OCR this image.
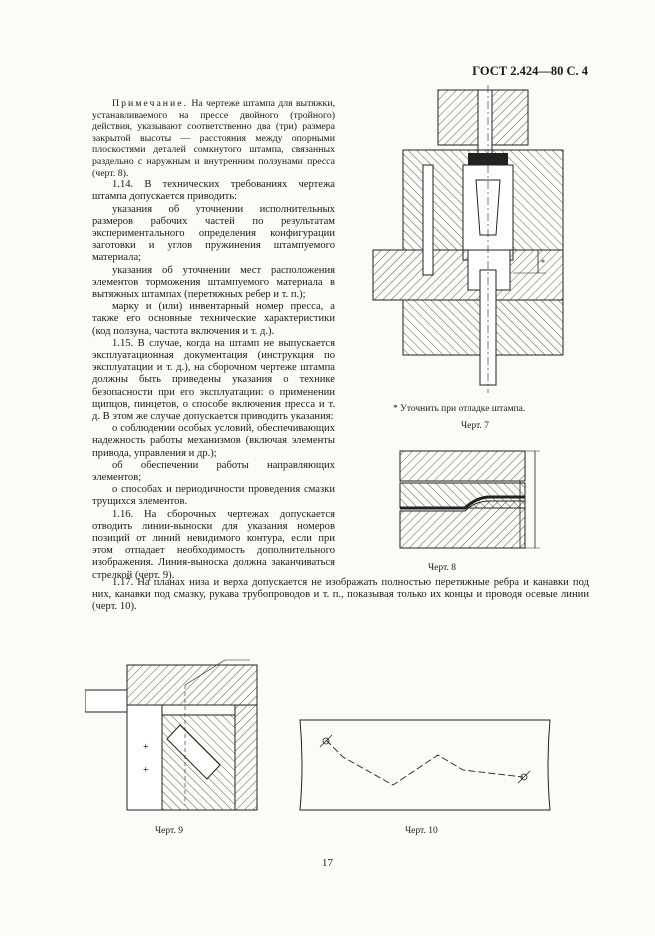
ГОСТ 2.424—80 С. 4

Примечание. На чертеже штампа для вытяжки, устанавливаемого на прессе двойного (тройного) действия, указывают соответственно два (три) размера закрытой высоты — расстояния между опорными плоскостями деталей сомкнутого штампа, связанных раздельно с наружным и внутренним ползунами пресса (черт. 8).

1.14. В технических требованиях чертежа штампа допускается приводить:

указания об уточнении исполнительных размеров рабочих частей по результатам экспериментального определения конфигурации заготовки и углов пружинения штампуемого материала;

указания об уточнении мест расположения элементов торможения штампуемого материала в вытяжных штампах (перетяжных ребер и т. п.);

марку и (или) инвентарный номер пресса, а также его основные технические характеристики (код ползуна, частота включения и т. д.).

1.15. В случае, когда на штамп не выпускается эксплуатационная документация (инструкция по эксплуатации и т. д.), на сборочном чертеже штампа должны быть приведены указания о технике безопасности при его эксплуатации: о применении щипцов, пинцетов, о способе включения пресса и т. д. В этом же случае допускается приводить указания:

о соблюдении особых условий, обеспечивающих надежность работы механизмов (включая элементы привода, управления и др.);

об обеспечении работы направляющих элементов;

о способах и периодичности проведения смазки трущихся элементов.

1.16. На сборочных чертежах допускается отводить линии-выноски для указания номеров позиций от линий невидимого контура, если при этом отпадает необходимость дополнительного изображения. Линия-выноска должна заканчиваться стрелкой (черт. 9).

1.17. На планах низа и верха допускается не изображать полностью перетяжные ребра и канавки под них, канавки под смазку, рукава трубопроводов и т. п., показывая только их концы и проводя осевые линии (черт. 10).

*
* Уточнить при отладке штампа.
Черт. 7
Черт. 8
+
+
Черт. 9	Черт. 10
17
